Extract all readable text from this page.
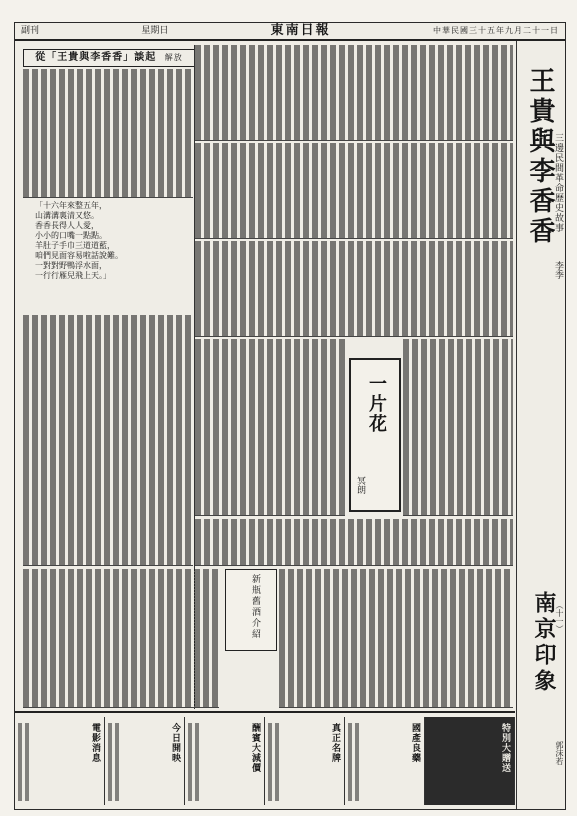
副刊	星期日	東南日報	中華民國三十五年九月二十一日
王貴與李香香
三邊民間革命歷史故事
李季
南京印象
（十一）
郭沫若
從「王貴與李香香」談起 解放
「十六年來整五年，
山溝溝裏清又悠。
香香長得人人愛，
小小的口嘴一點點。
羊肚子手巾三道道藍，
咱們見面容易啦話說難。
一對對野鴨浮水面，
一行行雁兒飛上天。」
一片花
冥朗
新瓶舊酒介紹
電影消息	今日開映	酬賓大減價	真正名牌	國產良藥	特別大贈送
